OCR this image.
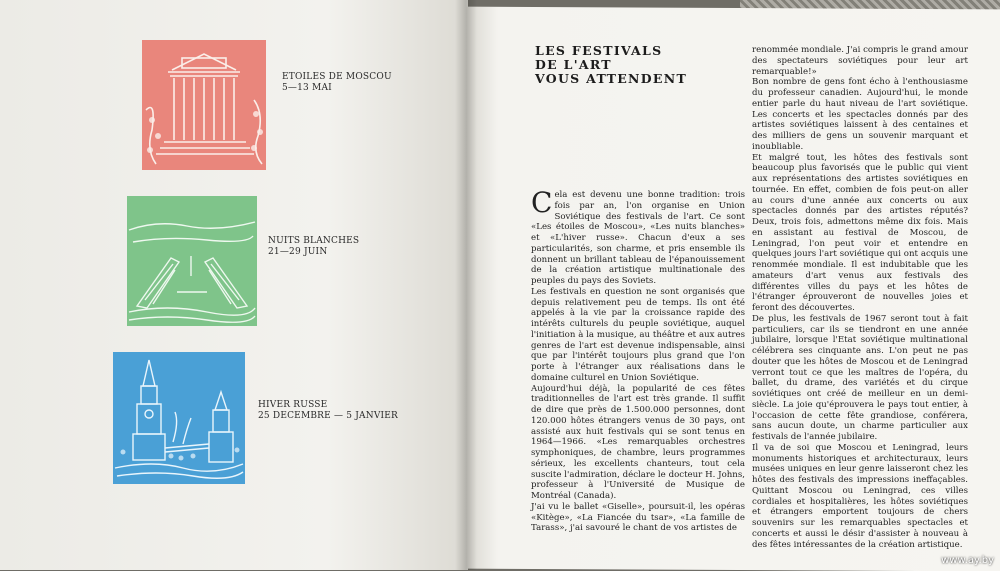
ETOILES DE MOSCOU
5—13 MAI
NUITS BLANCHES
21—29 JUIN
HIVER RUSSE
25 DECEMBRE — 5 JANVIER
LES FESTIVALS
DE L'ART
VOUS ATTENDENT

Cela est devenu une bonne tradition: trois fois par an, l'on organise en Union Soviétique des festivals de l'art. Ce sont «Les étoiles de Moscou», «Les nuits blanches» et «L'hiver russe». Chacun d'eux a ses particularités, son charme, et pris ensemble ils donnent un brillant tableau de l'épanouissement de la création artistique multinationale des peuples du pays des Soviets.

Les festivals en question ne sont organisés que depuis relativement peu de temps. Ils ont été appelés à la vie par la croissance rapide des intérêts culturels du peuple soviétique, auquel l'initiation à la musique, au théâtre et aux autres genres de l'art est devenue indispensable, ainsi que par l'intérêt toujours plus grand que l'on porte à l'étranger aux réalisations dans le domaine culturel en Union Soviétique.

Aujourd'hui déjà, la popularité de ces fêtes traditionnelles de l'art est très grande. Il suffit de dire que près de 1.500.000 personnes, dont 120.000 hôtes étrangers venus de 30 pays, ont assisté aux huit festivals qui se sont tenus en 1964—1966. «Les remarquables orchestres symphoniques, de chambre, leurs programmes sérieux, les excellents chanteurs, tout cela suscite l'admiration, déclare le docteur H. Johns, professeur à l'Université de Musique de Montréal (Canada).

J'ai vu le ballet «Giselle», poursuit-il, les opéras «Kitège», «La Fiancée du tsar», «La famille de Tarass», j'ai savouré le chant de vos artistes de

renommée mondiale. J'ai compris le grand amour des spectateurs soviétiques pour leur art remarquable!»

Bon nombre de gens font écho à l'enthousiasme du professeur canadien. Aujourd'hui, le monde entier parle du haut niveau de l'art soviétique. Les concerts et les spectacles donnés par des artistes soviétiques laissent à des centaines et des milliers de gens un souvenir marquant et inoubliable.

Et malgré tout, les hôtes des festivals sont beaucoup plus favorisés que le public qui vient aux représentations des artistes soviétiques en tournée. En effet, combien de fois peut-on aller au cours d'une année aux concerts ou aux spectacles donnés par des artistes réputés? Deux, trois fois, admettons même dix fois. Mais en assistant au festival de Moscou, de Leningrad, l'on peut voir et entendre en quelques jours l'art soviétique qui ont acquis une renommée mondiale. Il est indubitable que les amateurs d'art venus aux festivals des différentes villes du pays et les hôtes de l'étranger éprouveront de nouvelles joies et feront des découvertes.

De plus, les festivals de 1967 seront tout à fait particuliers, car ils se tiendront en une année jubilaire, lorsque l'Etat soviétique multinational célébrera ses cinquante ans. L'on peut ne pas douter que les hôtes de Moscou et de Leningrad verront tout ce que les maîtres de l'opéra, du ballet, du drame, des variétés et du cirque soviétiques ont créé de meilleur en un demi-siècle. La joie qu'éprouvera le pays tout entier, à l'occasion de cette fête grandiose, conférera, sans aucun doute, un charme particulier aux festivals de l'année jubilaire.

Il va de soi que Moscou et Leningrad, leurs monuments historiques et architecturaux, leurs musées uniques en leur genre laisseront chez les hôtes des festivals des impressions ineffaçables. Quittant Moscou ou Leningrad, ces villes cordiales et hospitalières, les hôtes soviétiques et étrangers emportent toujours de chers souvenirs sur les remarquables spectacles et concerts et aussi le désir d'assister à nouveau à des fêtes intéressantes de la création artistique.

www.ay.by
